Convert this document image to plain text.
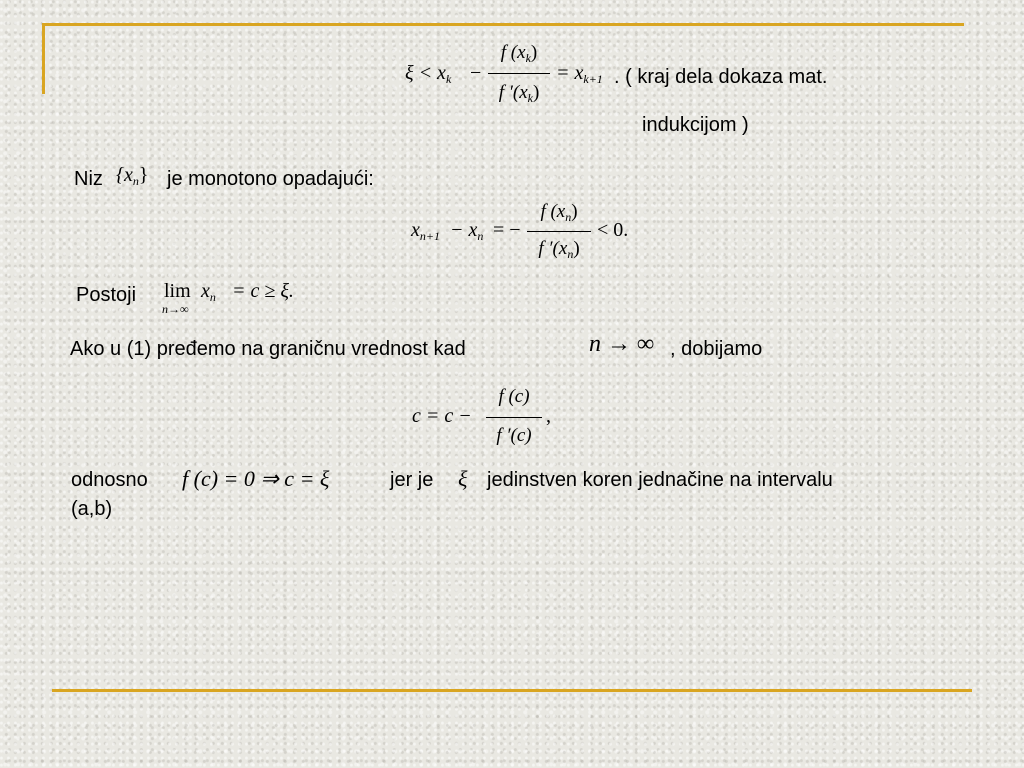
$\xi < x_k$ −
f $(x_k)$
f $'(x_k)$
= $x_{k+1}$ . ( kraj dela dokaza mat.
indukcijom )
Niz $\{x_n\}$ je monotono opadajući:
$x_{n+1} - x_n$ = −
f $(x_n)$
f $'(x_n)$
< 0.
Postoji lim
n→∞
$x_n = c \ge \xi$.
Ako u (1) pređemo na graničnu vrednost kad	n → ∞ , dobijamo
c = c −
f (c)
f ′(c)
,
odnosno f (c) = 0 ⇒ c = ξ	jer je ξ jedinstven koren jednačine na intervalu
(a,b)
